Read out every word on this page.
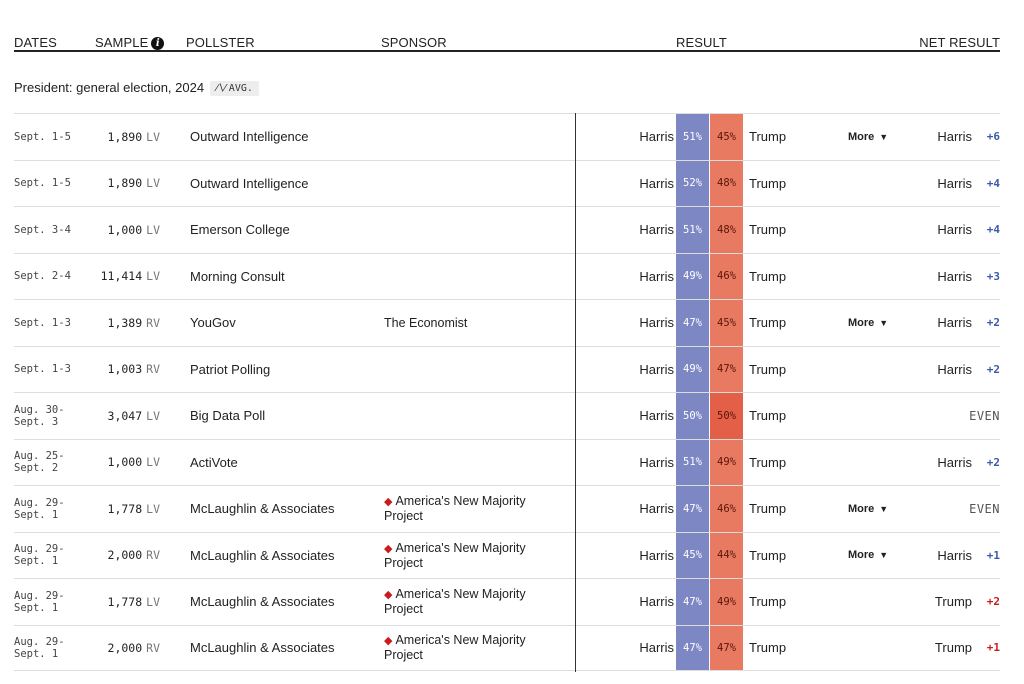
DATES	SAMPLE i	POLLSTER	SPONSOR	RESULT	NET RESULT
President: general election, 2024 ⁄∖⁄ AVG.
Sept. 1-5	1,890 LV Outward Intelligence	Harris 51%	45%	Trump	More ▼	Harris	+6
Sept. 1-5	1,890 LV Outward Intelligence	Harris 52%	48%	Trump	Harris	+4
Sept. 3-4	1,000 LV Emerson College	Harris 51%	48%	Trump	Harris	+4
Sept. 2-4	11,414 LV Morning Consult	Harris 49%	46%	Trump	Harris	+3
Sept. 1-3	1,389 RV YouGov	The Economist	Harris 47%	45%	Trump	More ▼	Harris	+2
Sept. 1-3	1,003 RV Patriot Polling	Harris 49%	47%	Trump	Harris	+2
Aug. 30-
Sept. 3	3,047 LV Big Data Poll	Harris 50%	50%	Trump	EVEN
Aug. 25-
Sept. 2	1,000 LV ActiVote	Harris 51%	49%	Trump	Harris	+2
Aug. 29-
Sept. 1	1,778 LV McLaughlin & Associates	◆ America's New Majority
Project	Harris 47%	46%	Trump	More ▼	EVEN
Aug. 29-
Sept. 1	2,000 RV McLaughlin & Associates	◆ America's New Majority
Project	Harris 45%	44%	Trump	More ▼	Harris	+1
Aug. 29-
Sept. 1	1,778 LV McLaughlin & Associates	◆ America's New Majority
Project	Harris 47%	49%	Trump	Trump	+2
Aug. 29-
Sept. 1	2,000 RV McLaughlin & Associates	◆ America's New Majority
Project	Harris 47%	47%	Trump	Trump	+1
